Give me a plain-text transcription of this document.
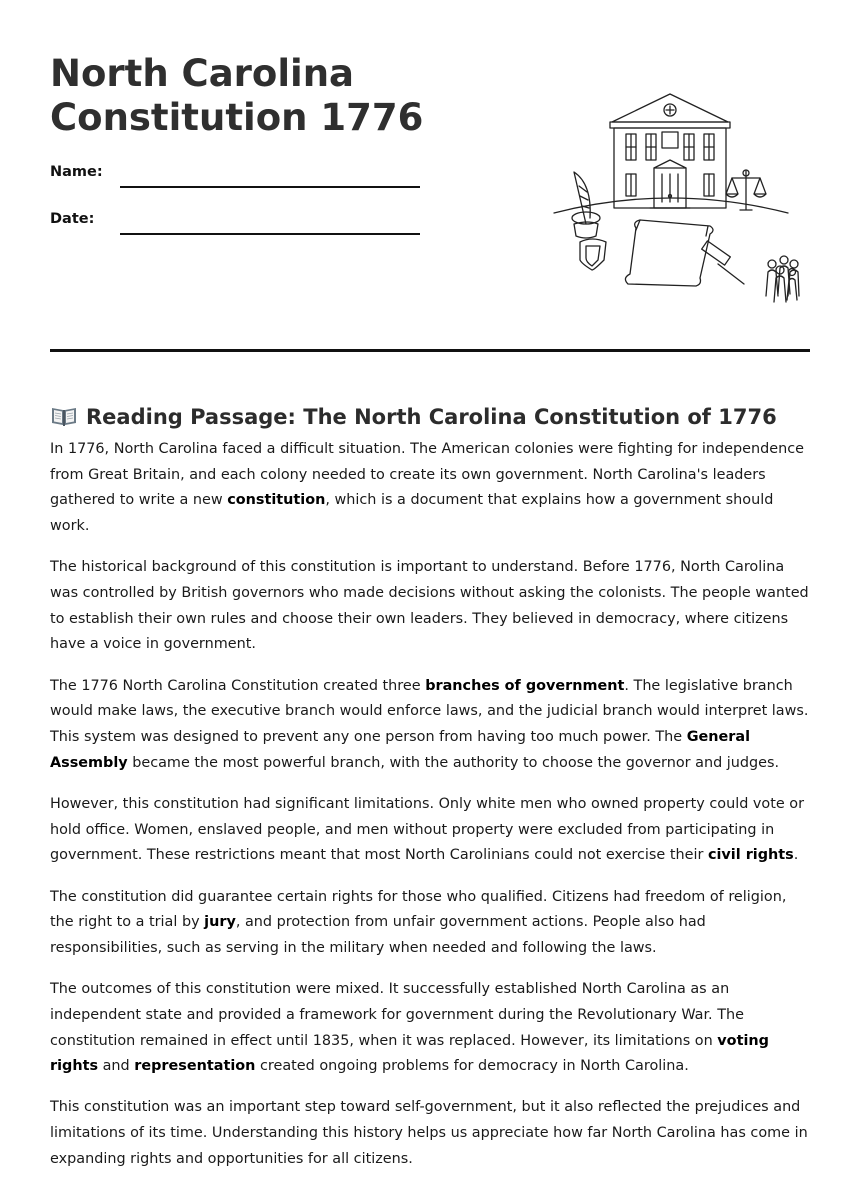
North Carolina
Constitution 1776
Name:
Date:
Reading Passage: The North Carolina Constitution of 1776

In 1776, North Carolina faced a difficult situation. The American colonies were fighting for independence from Great Britain, and each colony needed to create its own government. North Carolina's leaders gathered to write a new constitution, which is a document that explains how a government should work.

The historical background of this constitution is important to understand. Before 1776, North Carolina was controlled by British governors who made decisions without asking the colonists. The people wanted to establish their own rules and choose their own leaders. They believed in democracy, where citizens have a voice in government.

The 1776 North Carolina Constitution created three branches of government. The legislative branch would make laws, the executive branch would enforce laws, and the judicial branch would interpret laws. This system was designed to prevent any one person from having too much power. The General Assembly became the most powerful branch, with the authority to choose the governor and judges.

However, this constitution had significant limitations. Only white men who owned property could vote or hold office. Women, enslaved people, and men without property were excluded from participating in government. These restrictions meant that most North Carolinians could not exercise their civil rights.

The constitution did guarantee certain rights for those who qualified. Citizens had freedom of religion, the right to a trial by jury, and protection from unfair government actions. People also had responsibilities, such as serving in the military when needed and following the laws.

The outcomes of this constitution were mixed. It successfully established North Carolina as an independent state and provided a framework for government during the Revolutionary War. The constitution remained in effect until 1835, when it was replaced. However, its limitations on voting rights and representation created ongoing problems for democracy in North Carolina.

This constitution was an important step toward self-government, but it also reflected the prejudices and limitations of its time. Understanding this history helps us appreciate how far North Carolina has come in expanding rights and opportunities for all citizens.
